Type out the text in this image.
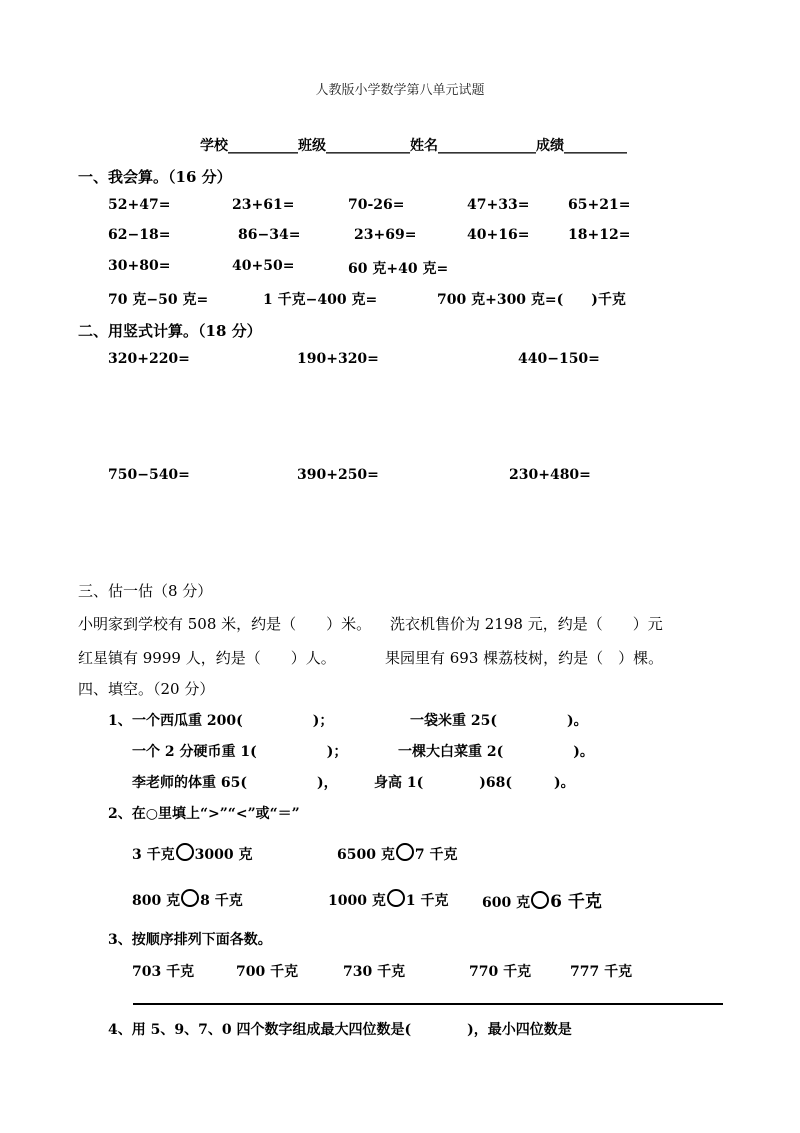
人教版小学数学第八单元试题
学校__________班级____________姓名______________成绩_________
一、我会算。（16 分）
52+47=	23+61=	70-26=	47+33=	65+21=
62−18=	86−34=	23+69=	40+16=	18+12=
30+80=	40+50=	60 克+40 克=
70 克−50 克=	1 千克−400 克=	700 克+300 克=(　　)千克
二、用竖式计算。（18 分）
320+220=	190+320=	440−150=
750−540=	390+250=	230+480=
三、估一估（8 分）
小明家到学校有 508 米，约是（　　）米。 洗衣机售价为 2198 元，约是（　　）元
红星镇有 9999 人，约是（　　）人。	果园里有 693 棵荔枝树，约是（　）棵。
四、填空。（20 分）
1、 一个西瓜重 200(　　　　　)；	一袋米重 25(　　　　　)。
一个 2 分硬币重 1(　　　　　)；	一棵大白菜重 2(　　　　　)。
李老师的体重 65(　　　　　)，	身高 1(　　　　)68(　　　)。
2、在○里填上“>”“<”或“＝”
3 千克 3000 克	6500 克 7 千克
800 克 8 千克	1000 克 1 千克 600 克 6 千克
3、按顺序排列下面各数。
703 千克	700 千克	730 千克	770 千克	777 千克
4、用 5、9、7、0 四个数字组成最大四位数是(　　　　)，最小四位数是
